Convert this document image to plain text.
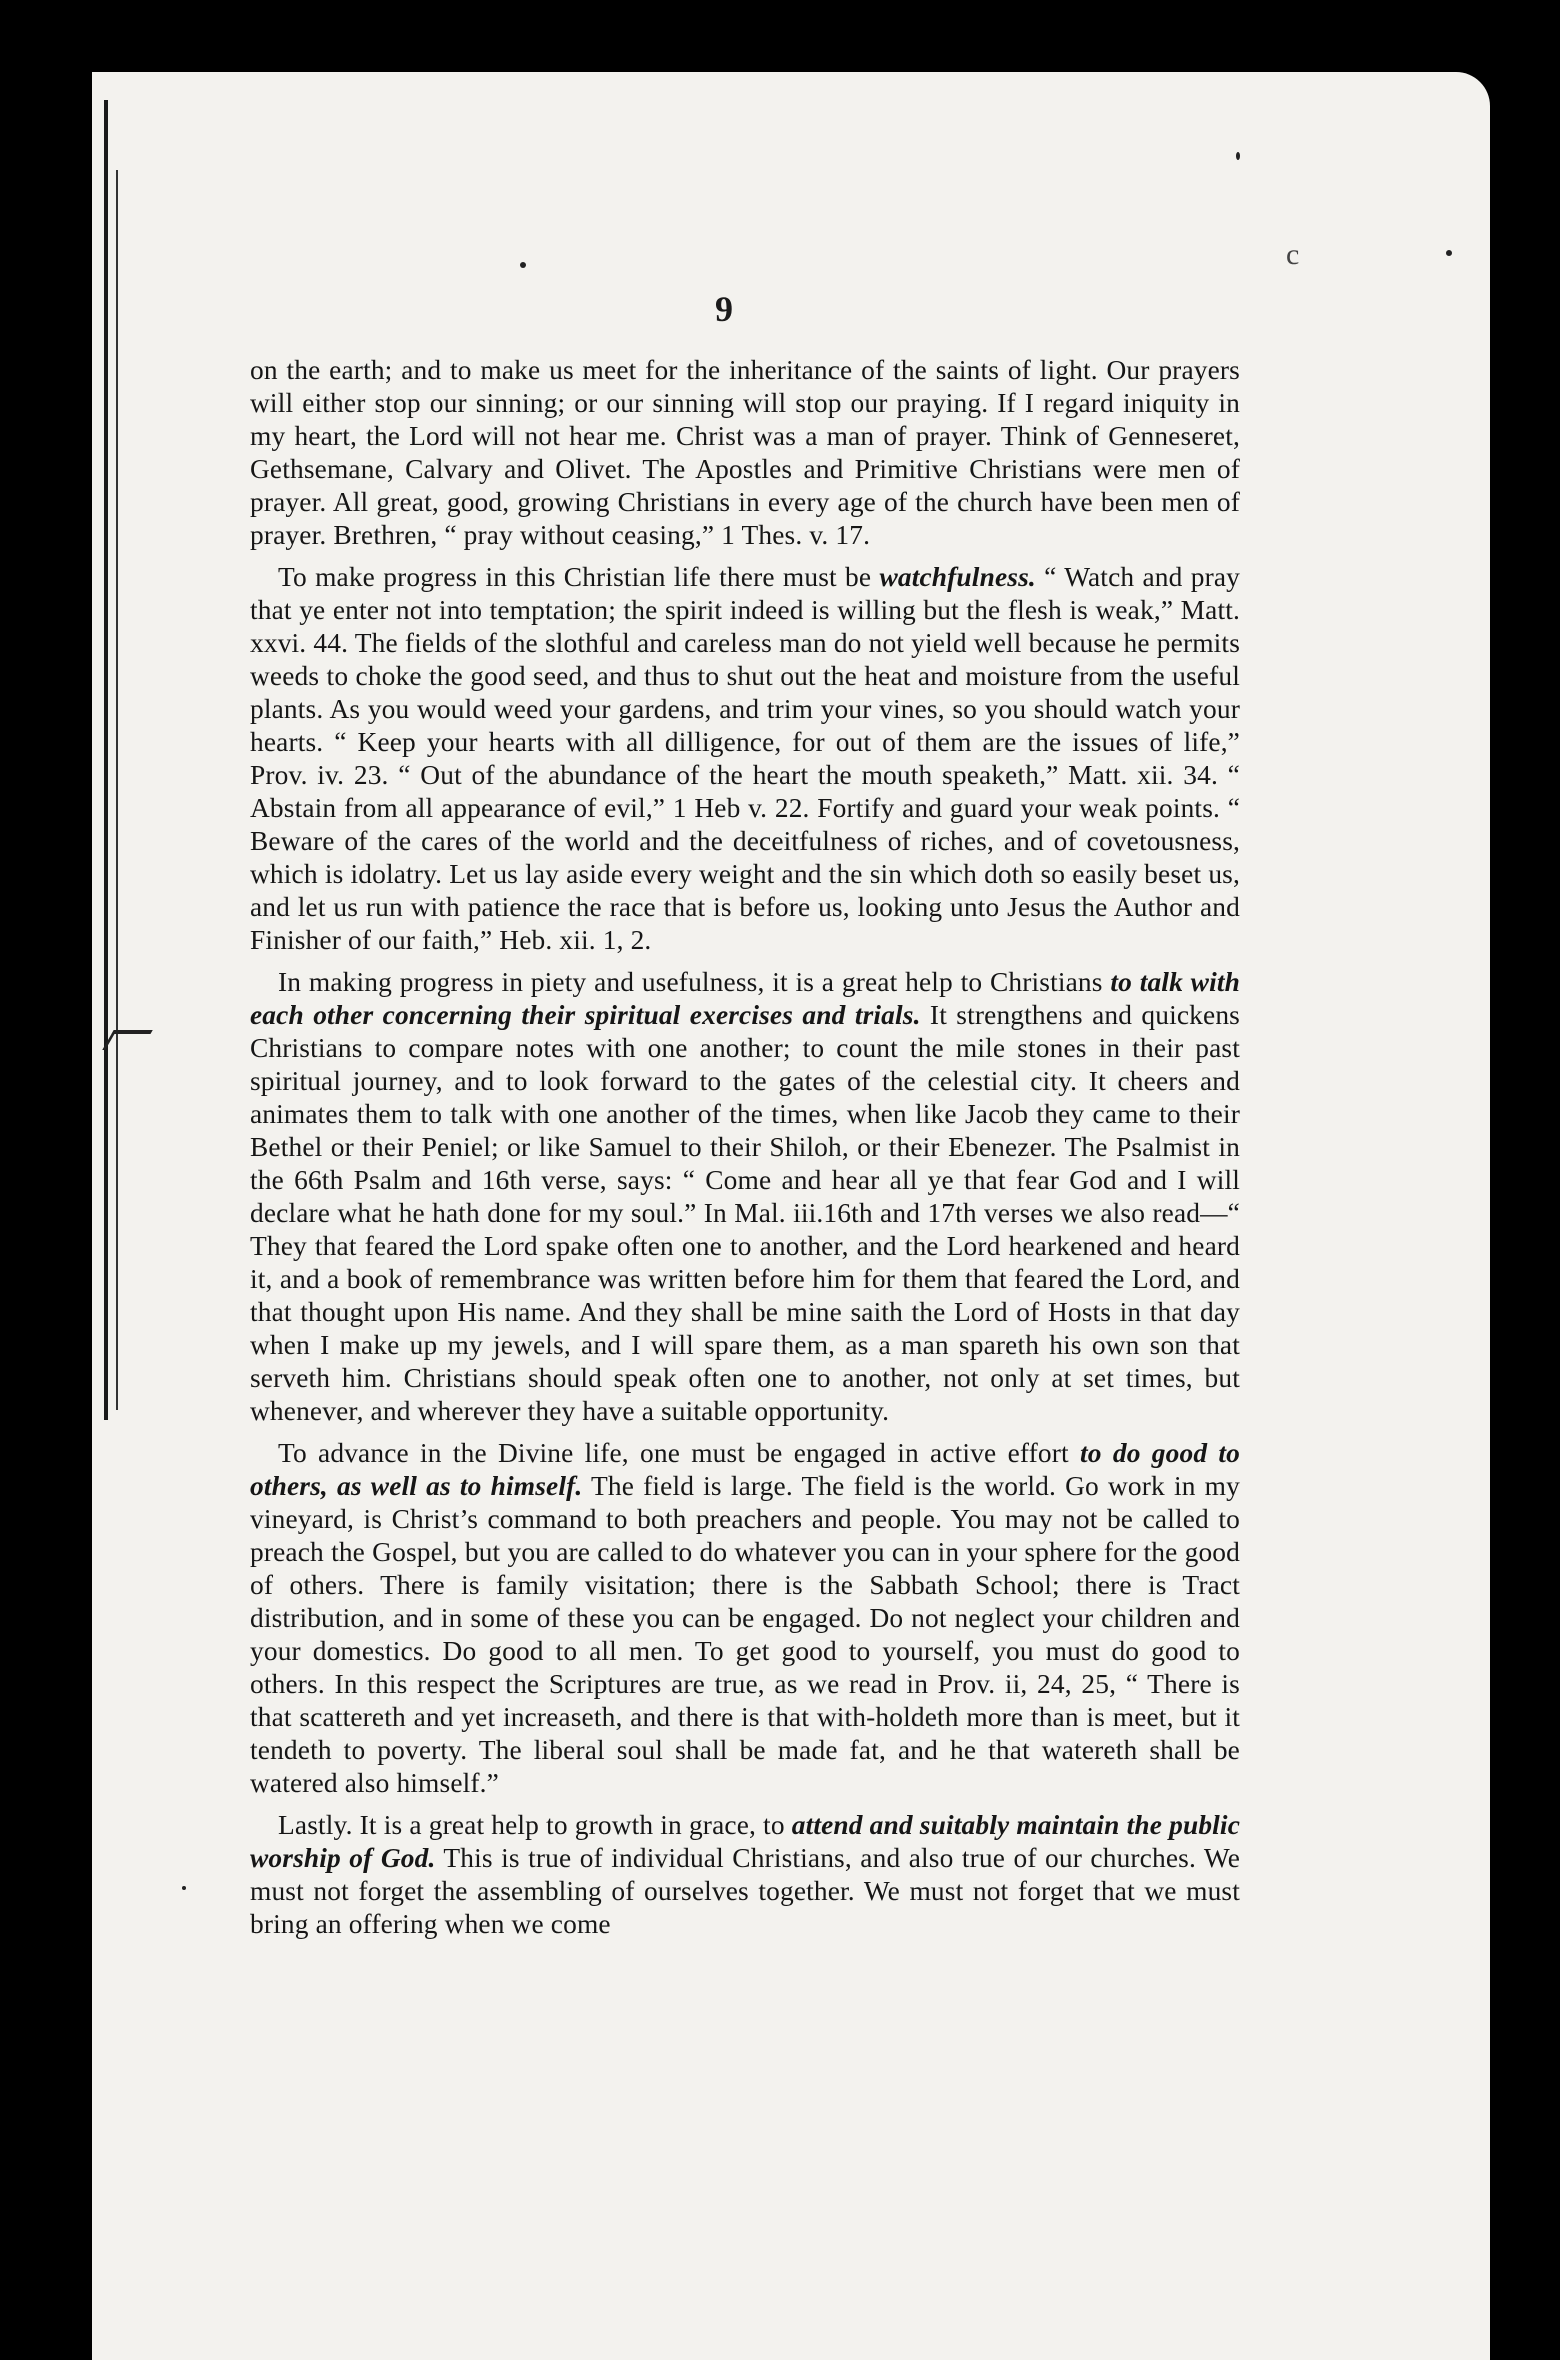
c
9

on the earth; and to make us meet for the inheritance of the saints of light. Our prayers will either stop our sinning; or our sinning will stop our praying. If I regard iniquity in my heart, the Lord will not hear me. Christ was a man of prayer. Think of Genneseret, Gethsemane, Calvary and Olivet. The Apostles and Primitive Christians were men of prayer. All great, good, growing Christians in every age of the church have been men of prayer. Brethren, “ pray without ceasing,” 1 Thes. v. 17.

To make progress in this Christian life there must be watchfulness. “ Watch and pray that ye enter not into temptation; the spirit indeed is willing but the flesh is weak,” Matt. xxvi. 44. The fields of the slothful and careless man do not yield well because he permits weeds to choke the good seed, and thus to shut out the heat and moisture from the useful plants. As you would weed your gardens, and trim your vines, so you should watch your hearts. “ Keep your hearts with all dilligence, for out of them are the issues of life,” Prov. iv. 23. “ Out of the abundance of the heart the mouth speaketh,” Matt. xii. 34. “ Abstain from all appearance of evil,” 1 Heb v. 22. Fortify and guard your weak points. “ Beware of the cares of the world and the deceitfulness of riches, and of covetousness, which is idolatry. Let us lay aside every weight and the sin which doth so easily beset us, and let us run with patience the race that is before us, looking unto Jesus the Author and Finisher of our faith,” Heb. xii. 1, 2.

In making progress in piety and usefulness, it is a great help to Christians to talk with each other concerning their spiritual exercises and trials. It strengthens and quickens Christians to compare notes with one another; to count the mile stones in their past spiritual journey, and to look forward to the gates of the celestial city. It cheers and animates them to talk with one another of the times, when like Jacob they came to their Bethel or their Peniel; or like Samuel to their Shiloh, or their Ebenezer. The Psalmist in the 66th Psalm and 16th verse, says: “ Come and hear all ye that fear God and I will declare what he hath done for my soul.” In Mal. iii.16th and 17th verses we also read—“ They that feared the Lord spake often one to another, and the Lord hearkened and heard it, and a book of remembrance was written before him for them that feared the Lord, and that thought upon His name. And they shall be mine saith the Lord of Hosts in that day when I make up my jewels, and I will spare them, as a man spareth his own son that serveth him. Christians should speak often one to another, not only at set times, but whenever, and wherever they have a suitable opportunity.

To advance in the Divine life, one must be engaged in active effort to do good to others, as well as to himself. The field is large. The field is the world. Go work in my vineyard, is Christ’s command to both preachers and people. You may not be called to preach the Gospel, but you are called to do whatever you can in your sphere for the good of others. There is family visitation; there is the Sabbath School; there is Tract distribution, and in some of these you can be engaged. Do not neglect your children and your domestics. Do good to all men. To get good to yourself, you must do good to others. In this respect the Scriptures are true, as we read in Prov. ii, 24, 25, “ There is that scattereth and yet increaseth, and there is that with-holdeth more than is meet, but it tendeth to poverty. The liberal soul shall be made fat, and he that watereth shall be watered also himself.”

Lastly. It is a great help to growth in grace, to attend and suitably maintain the public worship of God. This is true of individual Christians, and also true of our churches. We must not forget the assembling of ourselves together. We must not forget that we must bring an offering when we come
